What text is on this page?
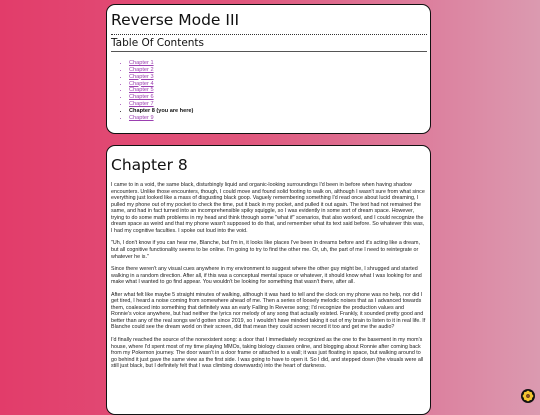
Reverse Mode III
Table Of Contents
• Chapter 1
• Chapter 2
• Chapter 3
• Chapter 4
• Chapter 5
• Chapter 6
• Chapter 7
• Chapter 8 (you are here)
• Chapter 9
Chapter 8

I came to in a void, the same black, disturbingly liquid and organic-looking surroundings I'd been in before when having shadow encounters. Unlike those encounters, though, I could move and found solid footing to walk on, although I wasn't sure from what since everything just looked like a mass of disgusting black goop. Vaguely remembering something I'd read once about lucid dreaming, I pulled my phone out of my pocket to check the time, put it back in my pocket, and pulled it out again. The text had not remained the same, and had in fact turned into an incomprehensible spiky squiggle, so I was evidently in some sort of dream space. However, trying to do some math problems in my head and think through some "what if" scenarios, that also worked, and I could recognize the dream space as weird and that my phone wasn't supposed to do that, and remember what its text said before. So whatever this was, I had my cognitive faculties. I spoke out loud into the void.

"Uh, I don't know if you can hear me, Blanche, but I'm in, it looks like places I've been in dreams before and it's acting like a dream, but all cognitive functionality seems to be online. I'm going to try to find the other me. Or, uh, the part of me I need to reintegrate or whatever he is."

Since there weren't any visual cues anywhere in my environment to suggest where the other guy might be, I shrugged and started walking in a random direction. After all, if this was a conceptual mental space or whatever, it should know what I was looking for and make what I wanted to go find appear. You wouldn't be looking for something that wasn't there, after all.

After what felt like maybe 5 straight minutes of walking, although it was hard to tell and the clock on my phone was no help, nor did I get tired, I heard a noise coming from somewhere ahead of me. Then a series of loosely melodic noises that as I advanced towards them, coalesced into something that definitely was an early Falling In Reverse song; I'd recognize the production values and Ronnie's voice anywhere, but had neither the lyrics nor melody of any song that actually existed. Frankly, it sounded pretty good and better than any of the real songs we'd gotten since 2019, so I wouldn't have minded taking it out of my brain to listen to it in real life. If Blanche could see the dream world on their screen, did that mean they could screen record it too and get me the audio?

I'd finally reached the source of the nonexistent song: a door that I immediately recognized as the one to the basement in my mom's house, where I'd spent most of my time playing MMOs, taking biology classes online, and blogging about Ronnie after coming back from my Pokemon journey. The door wasn't in a door frame or attached to a wall; it was just floating in space, but walking around to go behind it just gave the same view as the first side. I was going to have to open it. So I did, and stepped down (the visuals were all still just black, but I definitely felt that I was climbing downwards) into the heart of darkness.
